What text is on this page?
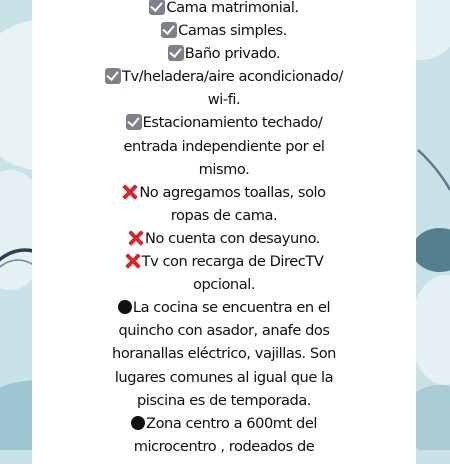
Cama matrimonial.
Camas simples.
Baño privado.
Tv/heladera/aire acondicionado/
wi-fi.
Estacionamiento techado/
entrada independiente por el
mismo.
No agregamos toallas, solo
ropas de cama.
No cuenta con desayuno.
Tv con recarga de DirecTV
opcional.
La cocina se encuentra en el
quincho con asador, anafe dos
horanallas eléctrico, vajillas. Son
lugares comunes al igual que la
piscina es de temporada.
Zona centro a 600mt del
microcentro , rodeados de
